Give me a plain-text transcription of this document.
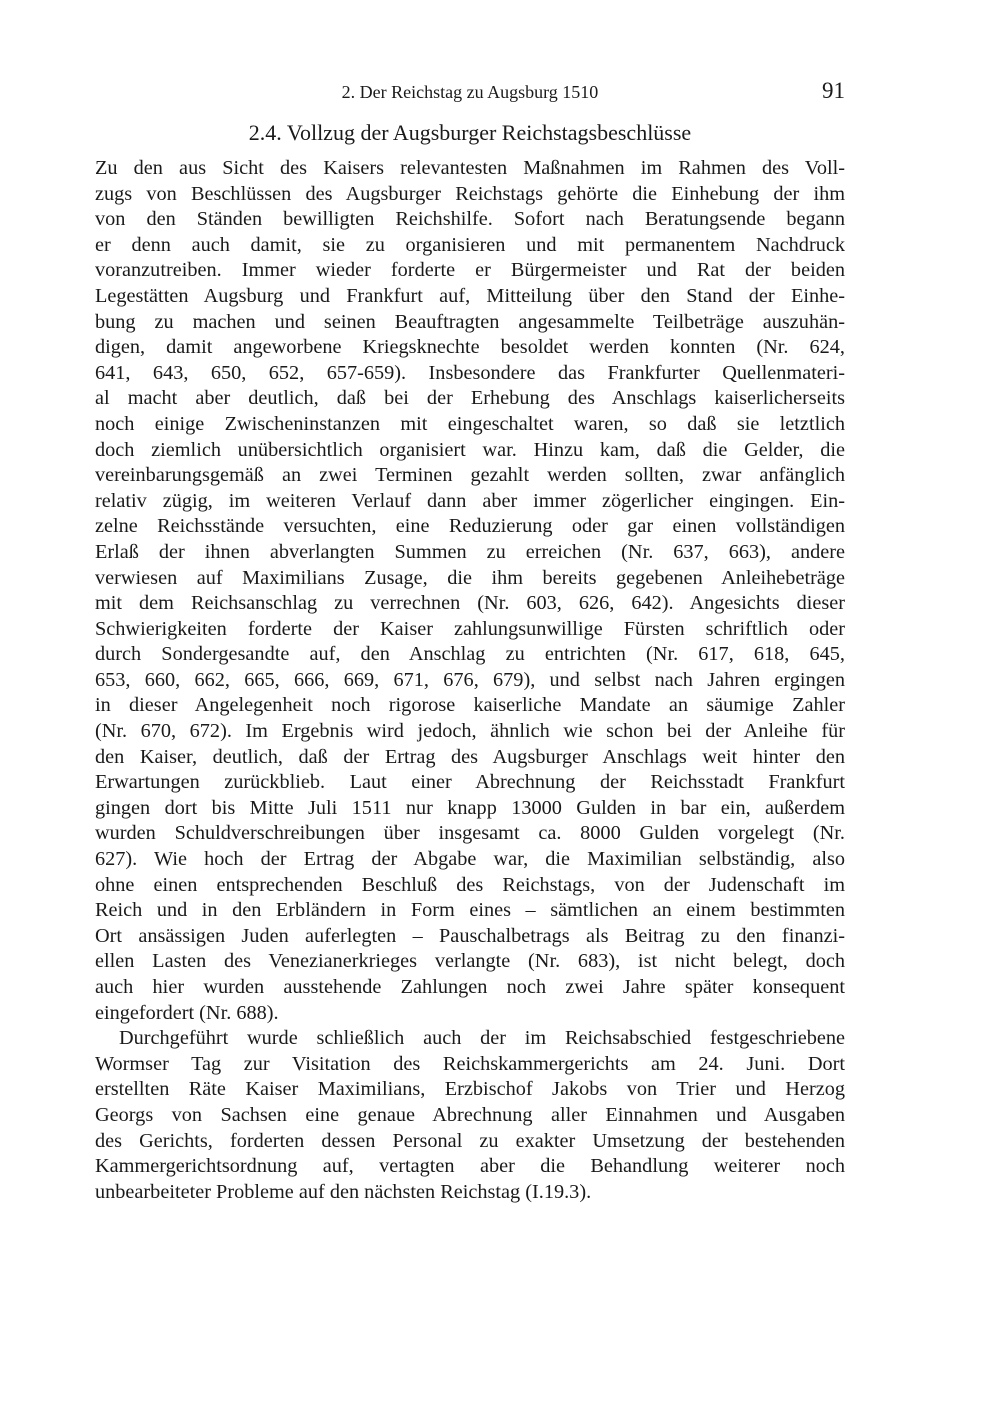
2. Der Reichstag zu Augsburg 1510	91
2.4. Vollzug der Augsburger Reichstagsbeschlüsse
Zu den aus Sicht des Kaisers relevantesten Maßnahmen im Rahmen des Voll-
zugs von Beschlüssen des Augsburger Reichstags gehörte die Einhebung der ihm
von den Ständen bewilligten Reichshilfe. Sofort nach Beratungsende begann
er denn auch damit, sie zu organisieren und mit permanentem Nachdruck
voranzutreiben. Immer wieder forderte er Bürgermeister und Rat der beiden
Legestätten Augsburg und Frankfurt auf, Mitteilung über den Stand der Einhe-
bung zu machen und seinen Beauftragten angesammelte Teilbeträge auszuhän-
digen, damit angeworbene Kriegsknechte besoldet werden konnten (Nr. 624,
641, 643, 650, 652, 657-659). Insbesondere das Frankfurter Quellenmateri-
al macht aber deutlich, daß bei der Erhebung des Anschlags kaiserlicherseits
noch einige Zwischeninstanzen mit eingeschaltet waren, so daß sie letztlich
doch ziemlich unübersichtlich organisiert war. Hinzu kam, daß die Gelder, die
vereinbarungsgemäß an zwei Terminen gezahlt werden sollten, zwar anfänglich
relativ zügig, im weiteren Verlauf dann aber immer zögerlicher eingingen. Ein-
zelne Reichsstände versuchten, eine Reduzierung oder gar einen vollständigen
Erlaß der ihnen abverlangten Summen zu erreichen (Nr. 637, 663), andere
verwiesen auf Maximilians Zusage, die ihm bereits gegebenen Anleihebeträge
mit dem Reichsanschlag zu verrechnen (Nr. 603, 626, 642). Angesichts dieser
Schwierigkeiten forderte der Kaiser zahlungsunwillige Fürsten schriftlich oder
durch Sondergesandte auf, den Anschlag zu entrichten (Nr. 617, 618, 645,
653, 660, 662, 665, 666, 669, 671, 676, 679), und selbst nach Jahren ergingen
in dieser Angelegenheit noch rigorose kaiserliche Mandate an säumige Zahler
(Nr. 670, 672). Im Ergebnis wird jedoch, ähnlich wie schon bei der Anleihe für
den Kaiser, deutlich, daß der Ertrag des Augsburger Anschlags weit hinter den
Erwartungen zurückblieb. Laut einer Abrechnung der Reichsstadt Frankfurt
gingen dort bis Mitte Juli 1511 nur knapp 13000 Gulden in bar ein, außerdem
wurden Schuldverschreibungen über insgesamt ca. 8000 Gulden vorgelegt (Nr.
627). Wie hoch der Ertrag der Abgabe war, die Maximilian selbständig, also
ohne einen entsprechenden Beschluß des Reichstags, von der Judenschaft im
Reich und in den Erbländern in Form eines – sämtlichen an einem bestimmten
Ort ansässigen Juden auferlegten – Pauschalbetrags als Beitrag zu den finanzi-
ellen Lasten des Venezianerkrieges verlangte (Nr. 683), ist nicht belegt, doch
auch hier wurden ausstehende Zahlungen noch zwei Jahre später konsequent
eingefordert (Nr. 688).
Durchgeführt wurde schließlich auch der im Reichsabschied festgeschriebene
Wormser Tag zur Visitation des Reichskammergerichts am 24. Juni. Dort
erstellten Räte Kaiser Maximilians, Erzbischof Jakobs von Trier und Herzog
Georgs von Sachsen eine genaue Abrechnung aller Einnahmen und Ausgaben
des Gerichts, forderten dessen Personal zu exakter Umsetzung der bestehenden
Kammergerichtsordnung auf, vertagten aber die Behandlung weiterer noch
unbearbeiteter Probleme auf den nächsten Reichstag (I.19.3).
